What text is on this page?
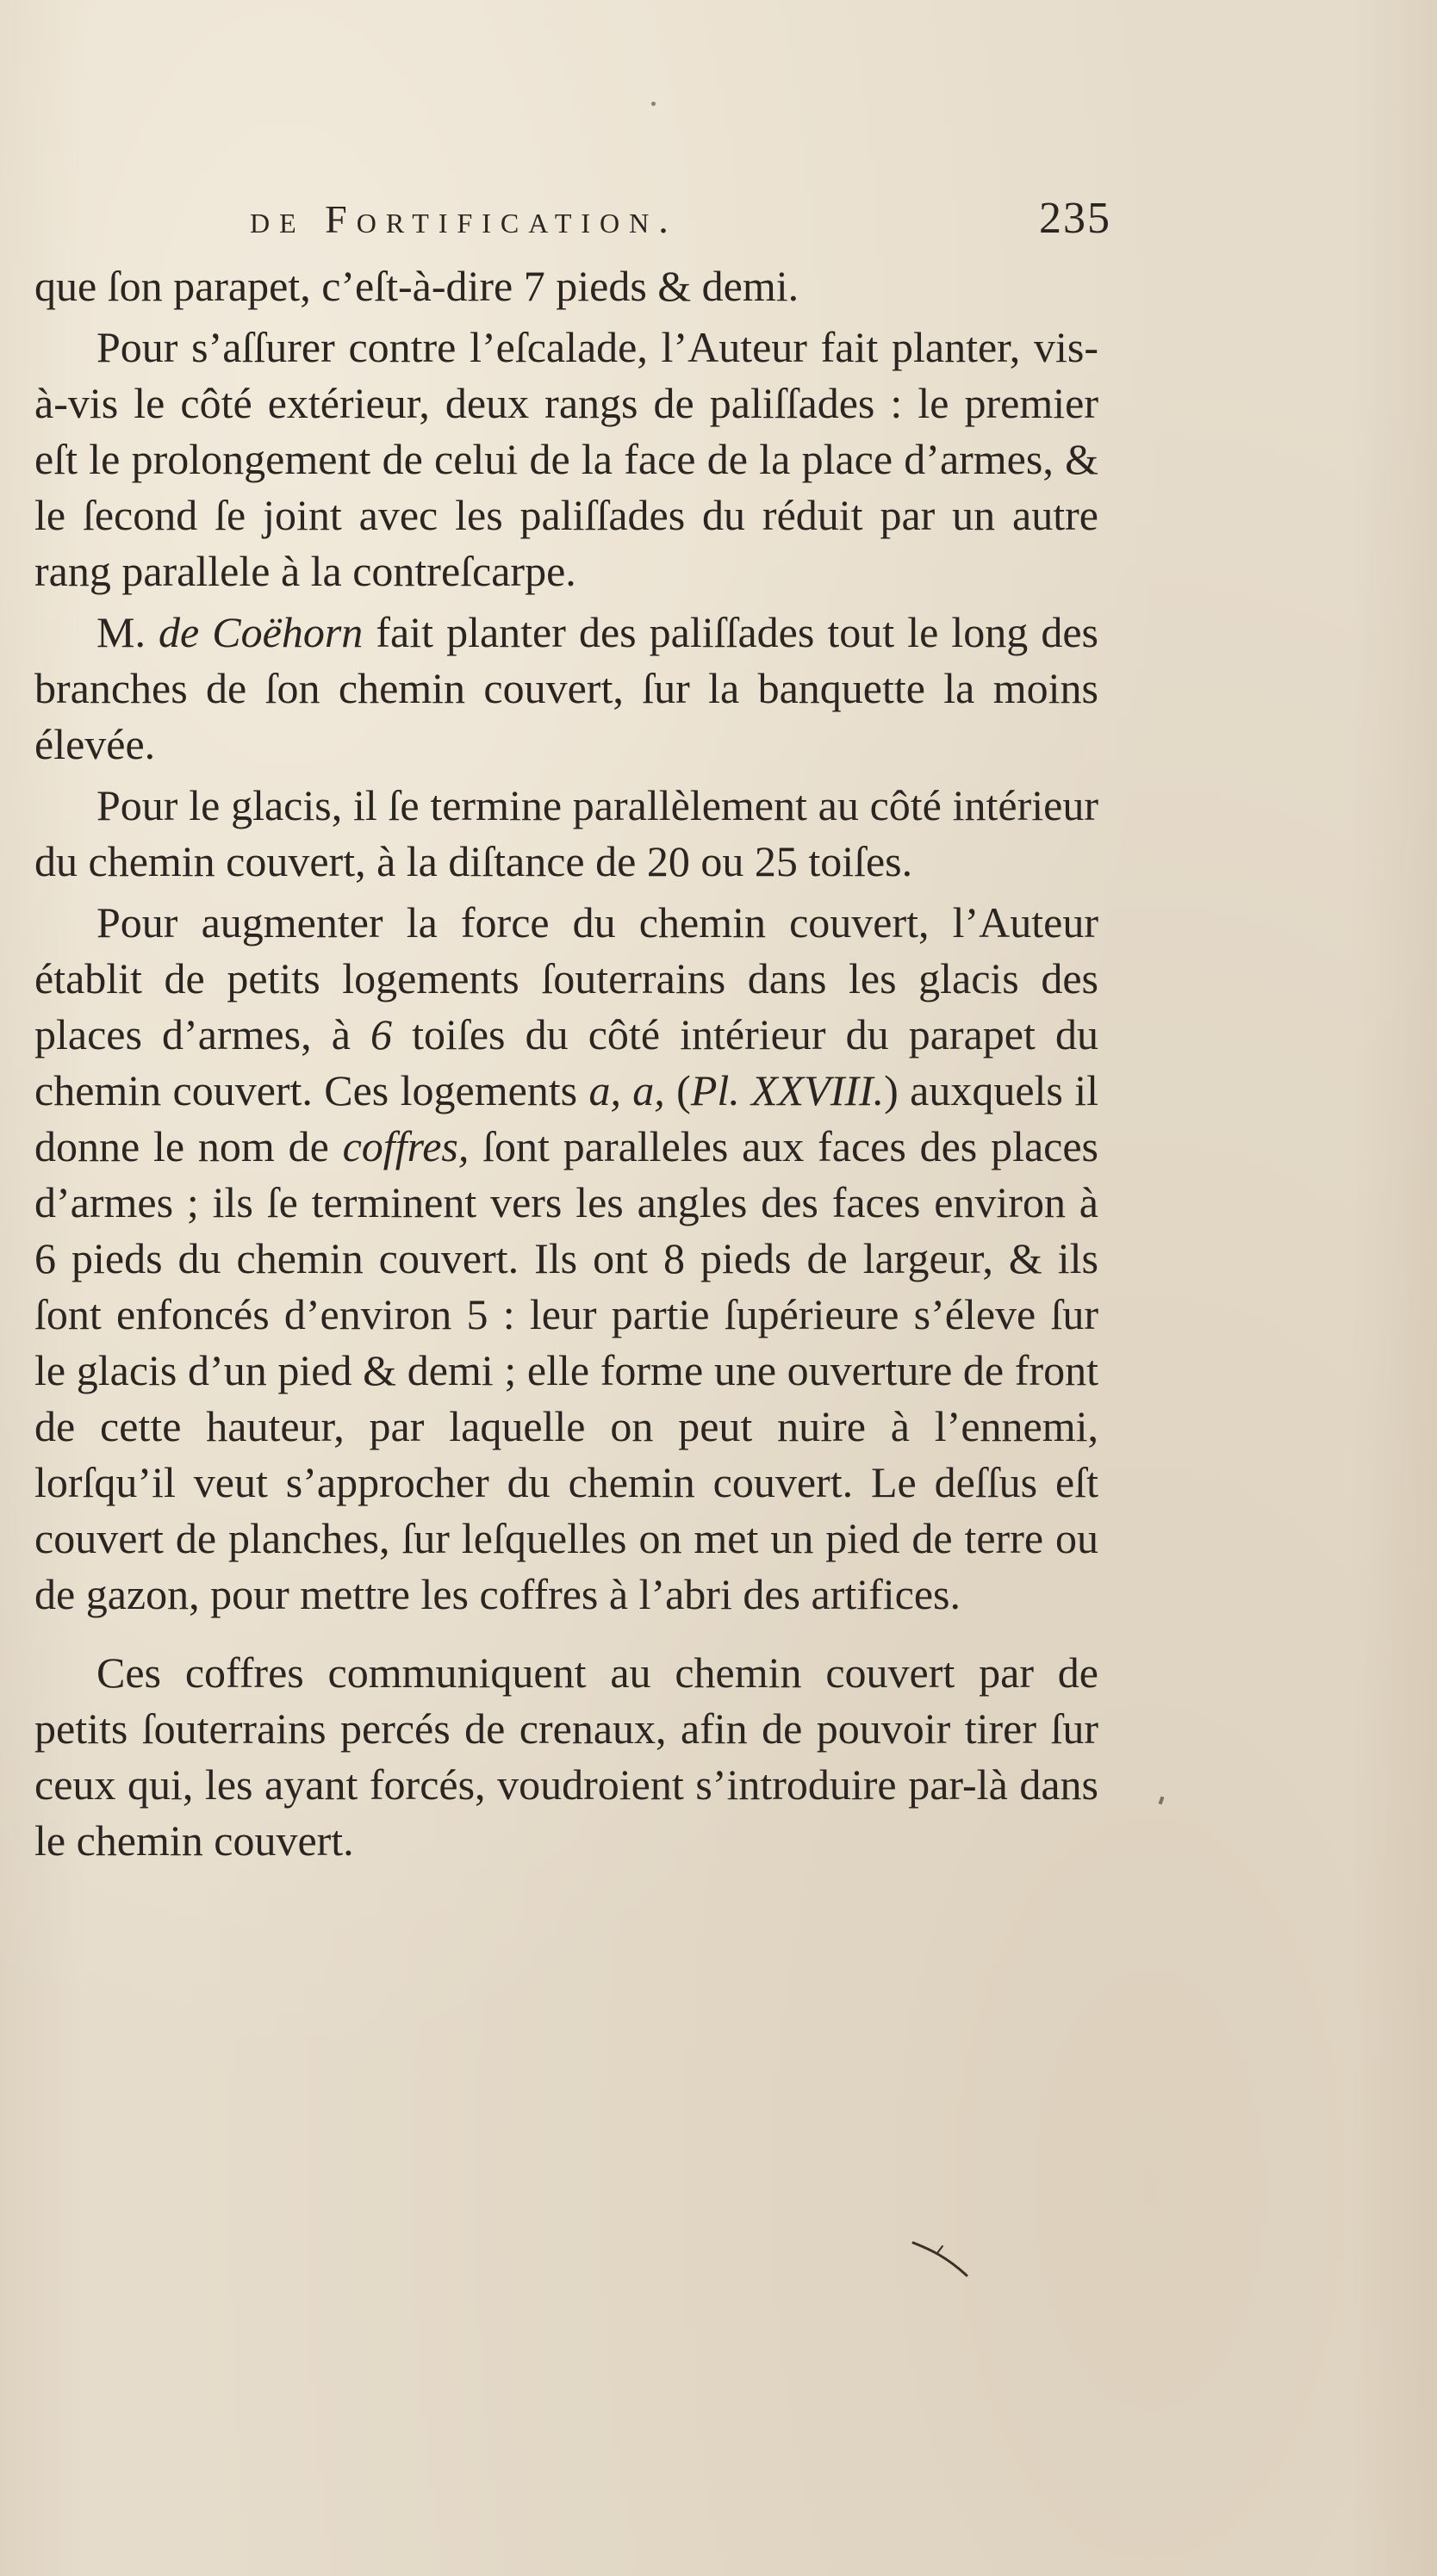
de Fortification.	235

que ſon parapet, c’eſt-à-dire 7 pieds & demi.

Pour s’aſſurer contre l’eſcalade, l’Auteur fait planter, vis-à-vis le côté extérieur, deux rangs de paliſſades : le premier eſt le prolongement de celui de la face de la place d’armes, & le ſecond ſe joint avec les paliſſades du réduit par un autre rang parallele à la contreſcarpe.

M. de Coëhorn fait planter des paliſſades tout le long des branches de ſon chemin couvert, ſur la banquette la moins élevée.

Pour le glacis, il ſe termine parallèlement au côté intérieur du chemin couvert, à la diſtance de 20 ou 25 toiſes.

Pour augmenter la force du chemin couvert, l’Auteur établit de petits logements ſouterrains dans les glacis des places d’armes, à 6 toiſes du côté intérieur du parapet du chemin couvert. Ces logements a, a, (Pl. XXVIII.) auxquels il donne le nom de coffres, ſont paralleles aux faces des places d’armes ; ils ſe terminent vers les angles des faces environ à 6 pieds du chemin couvert. Ils ont 8 pieds de largeur, & ils ſont enfoncés d’environ 5 : leur partie ſupérieure s’éleve ſur le glacis d’un pied & demi ; elle forme une ouverture de front de cette hauteur, par laquelle on peut nuire à l’ennemi, lorſqu’il veut s’approcher du chemin couvert. Le deſſus eſt couvert de planches, ſur leſquelles on met un pied de terre ou de gazon, pour mettre les coffres à l’abri des artifices.

Ces coffres communiquent au chemin couvert par de petits ſouterrains percés de crenaux, afin de pouvoir tirer ſur ceux qui, les ayant forcés, voudroient s’introduire par-là dans le chemin couvert.
